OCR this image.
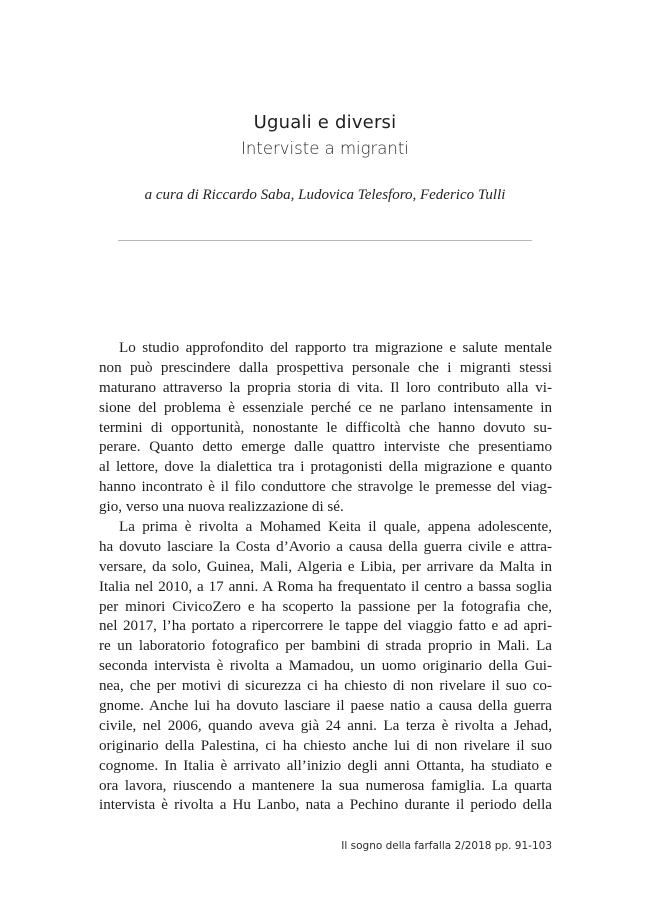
Uguali e diversi
Interviste a migranti
a cura di Riccardo Saba, Ludovica Telesforo, Federico Tulli
Lo studio approfondito del rapporto tra migrazione e salute mentale
non può prescindere dalla prospettiva personale che i migranti stessi
maturano attraverso la propria storia di vita. Il loro contributo alla vi-
sione del problema è essenziale perché ce ne parlano intensamente in
termini di opportunità, nonostante le difficoltà che hanno dovuto su-
perare. Quanto detto emerge dalle quattro interviste che presentiamo
al lettore, dove la dialettica tra i protagonisti della migrazione e quanto
hanno incontrato è il filo conduttore che stravolge le premesse del viag-
gio, verso una nuova realizzazione di sé.
La prima è rivolta a Mohamed Keita il quale, appena adolescente,
ha dovuto lasciare la Costa d’Avorio a causa della guerra civile e attra-
versare, da solo, Guinea, Mali, Algeria e Libia, per arrivare da Malta in
Italia nel 2010, a 17 anni. A Roma ha frequentato il centro a bassa soglia
per minori CivicoZero e ha scoperto la passione per la fotografia che,
nel 2017, l’ha portato a ripercorrere le tappe del viaggio fatto e ad apri-
re un laboratorio fotografico per bambini di strada proprio in Mali. La
seconda intervista è rivolta a Mamadou, un uomo originario della Gui-
nea, che per motivi di sicurezza ci ha chiesto di non rivelare il suo co-
gnome. Anche lui ha dovuto lasciare il paese natio a causa della guerra
civile, nel 2006, quando aveva già 24 anni. La terza è rivolta a Jehad,
originario della Palestina, ci ha chiesto anche lui di non rivelare il suo
cognome. In Italia è arrivato all’inizio degli anni Ottanta, ha studiato e
ora lavora, riuscendo a mantenere la sua numerosa famiglia. La quarta
intervista è rivolta a Hu Lanbo, nata a Pechino durante il periodo della
Il sogno della farfalla 2/2018 pp. 91-103
